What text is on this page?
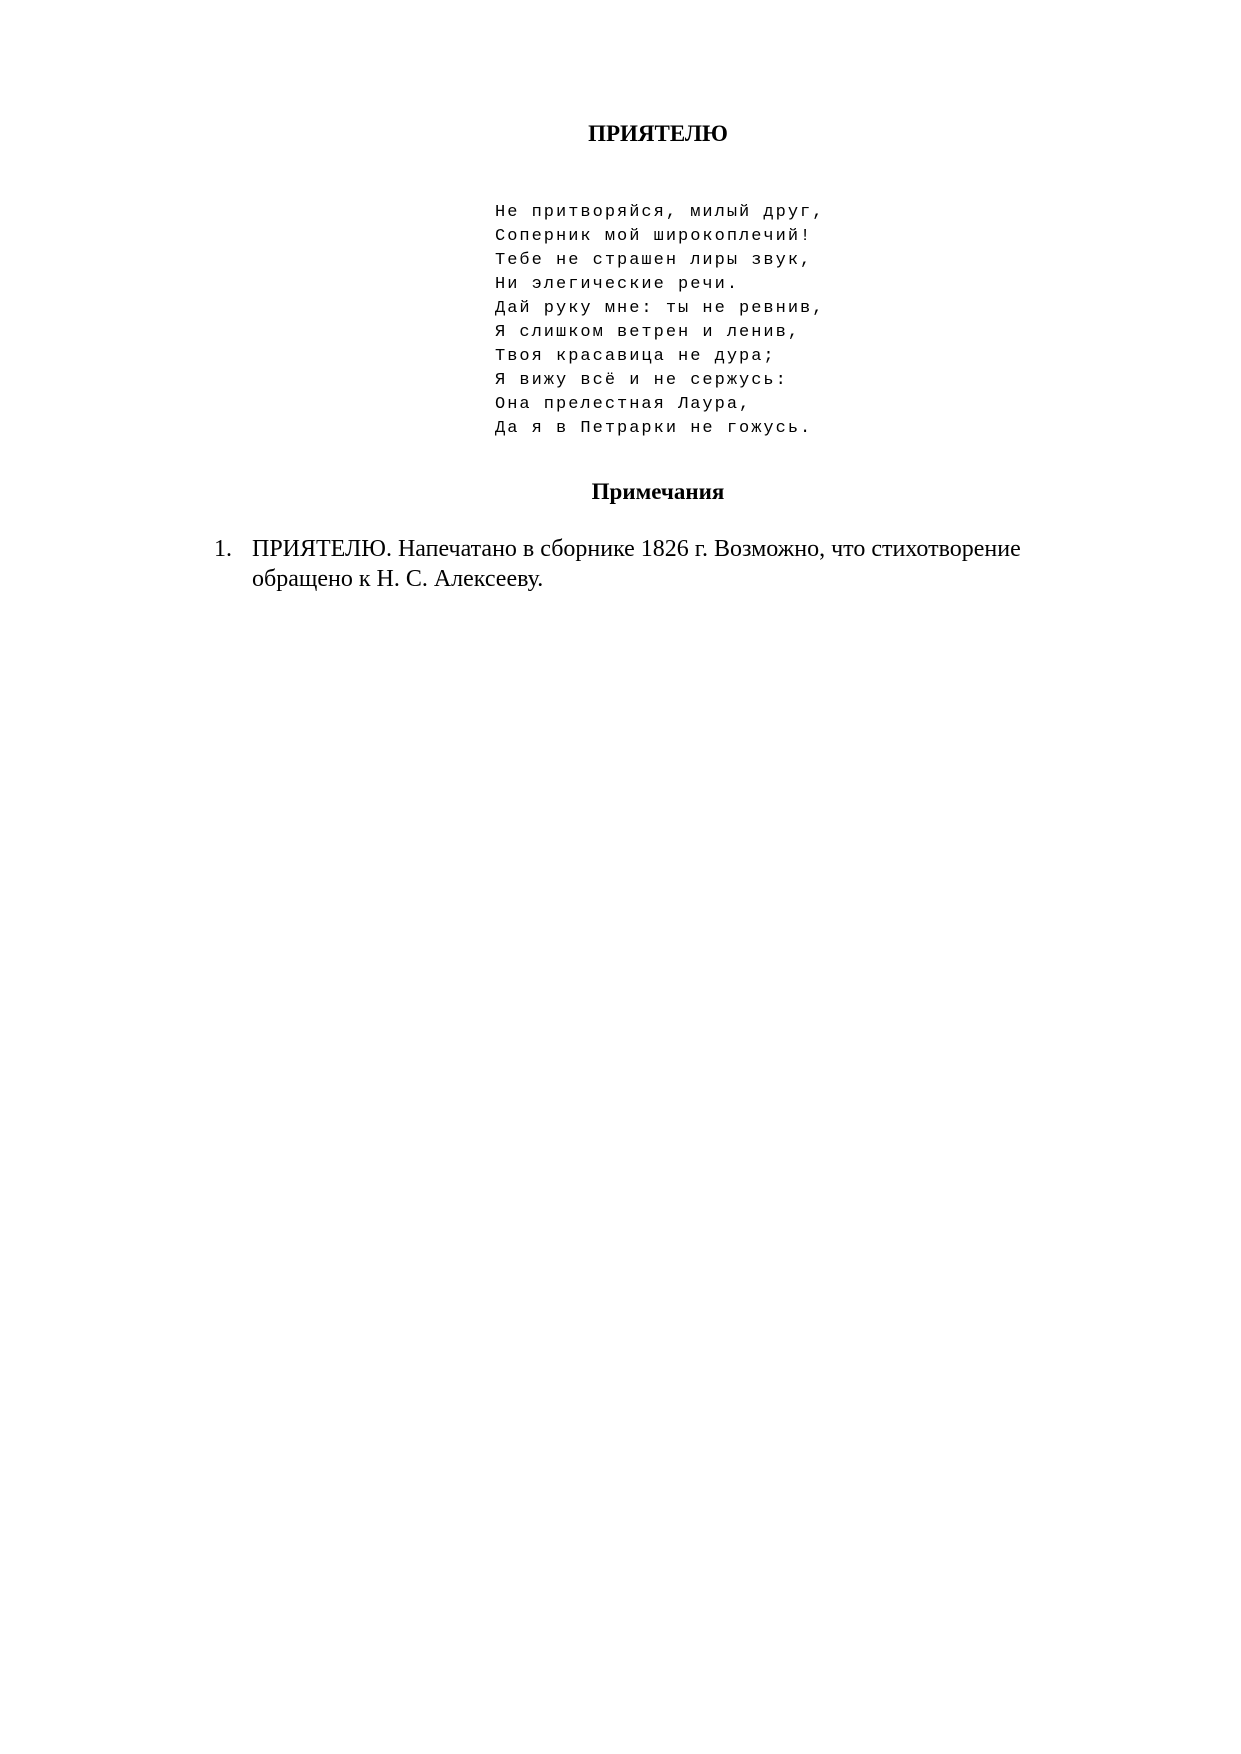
ПРИЯТЕЛЮ
Не притворяйся, милый друг,
Соперник мой широкоплечий!
Тебе не страшен лиры звук,
Ни элегические речи.
Дай руку мне: ты не ревнив,
Я слишком ветрен и ленив,
Твоя красавица не дура;
Я вижу всё и не сержусь:
Она прелестная Лаура,
Да я в Петрарки не гожусь.
Примечания
1. ПРИЯТЕЛЮ. Напечатано в сборнике 1826 г. Возможно, что стихотворение обращено к Н. С. Алексееву.
